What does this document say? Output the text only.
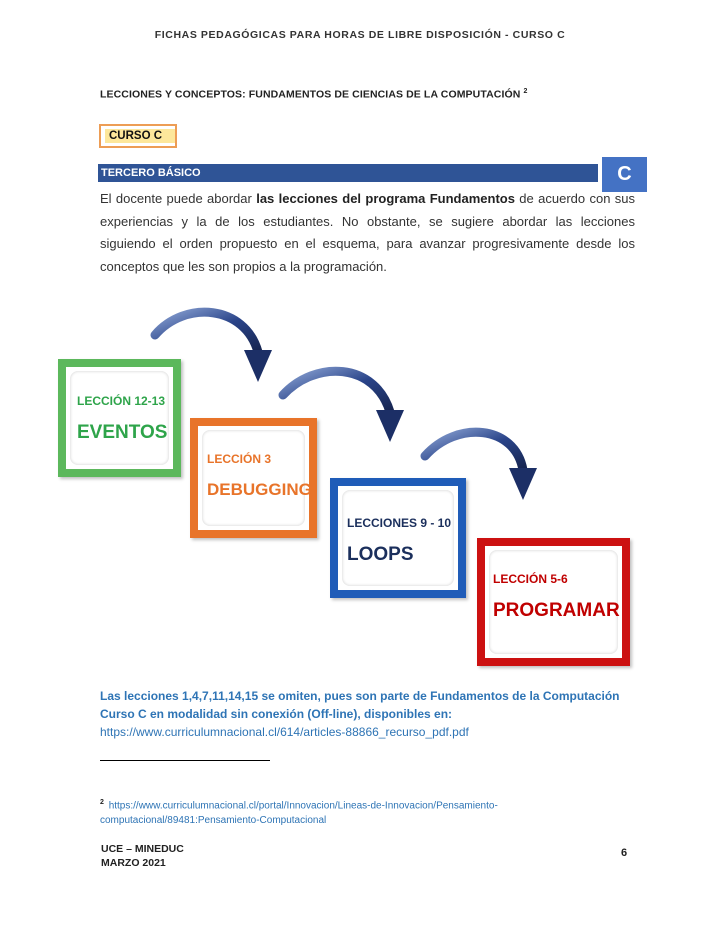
FICHAS PEDAGÓGICAS PARA HORAS DE LIBRE DISPOSICIÓN - CURSO C
LECCIONES Y CONCEPTOS: FUNDAMENTOS DE CIENCIAS DE LA COMPUTACIÓN $^2$
CURSO C
TERCERO BÁSICO	C
El docente puede abordar las lecciones del programa Fundamentos de acuerdo con sus experiencias y la de los estudiantes. No obstante, se sugiere abordar las lecciones siguiendo el orden propuesto en el esquema, para avanzar progresivamente desde los conceptos que les son propios a la programación.
LECCIÓN 12-13
EVENTOS
LECCIÓN 3
DEBUGGING
LECCIONES 9 - 10
LOOPS
LECCIÓN 5-6
PROGRAMAR
Las lecciones 1,4,7,11,14,15 se omiten, pues son parte de Fundamentos de la Computación Curso C en modalidad sin conexión (Off-line), disponibles en:
https://www.curriculumnacional.cl/614/articles-88866_recurso_pdf.pdf
$^2$ https://www.curriculumnacional.cl/portal/Innovacion/Lineas-de-Innovacion/Pensamiento-computacional/89481:Pensamiento-Computacional
UCE – MINEDUC
MARZO 2021
6
